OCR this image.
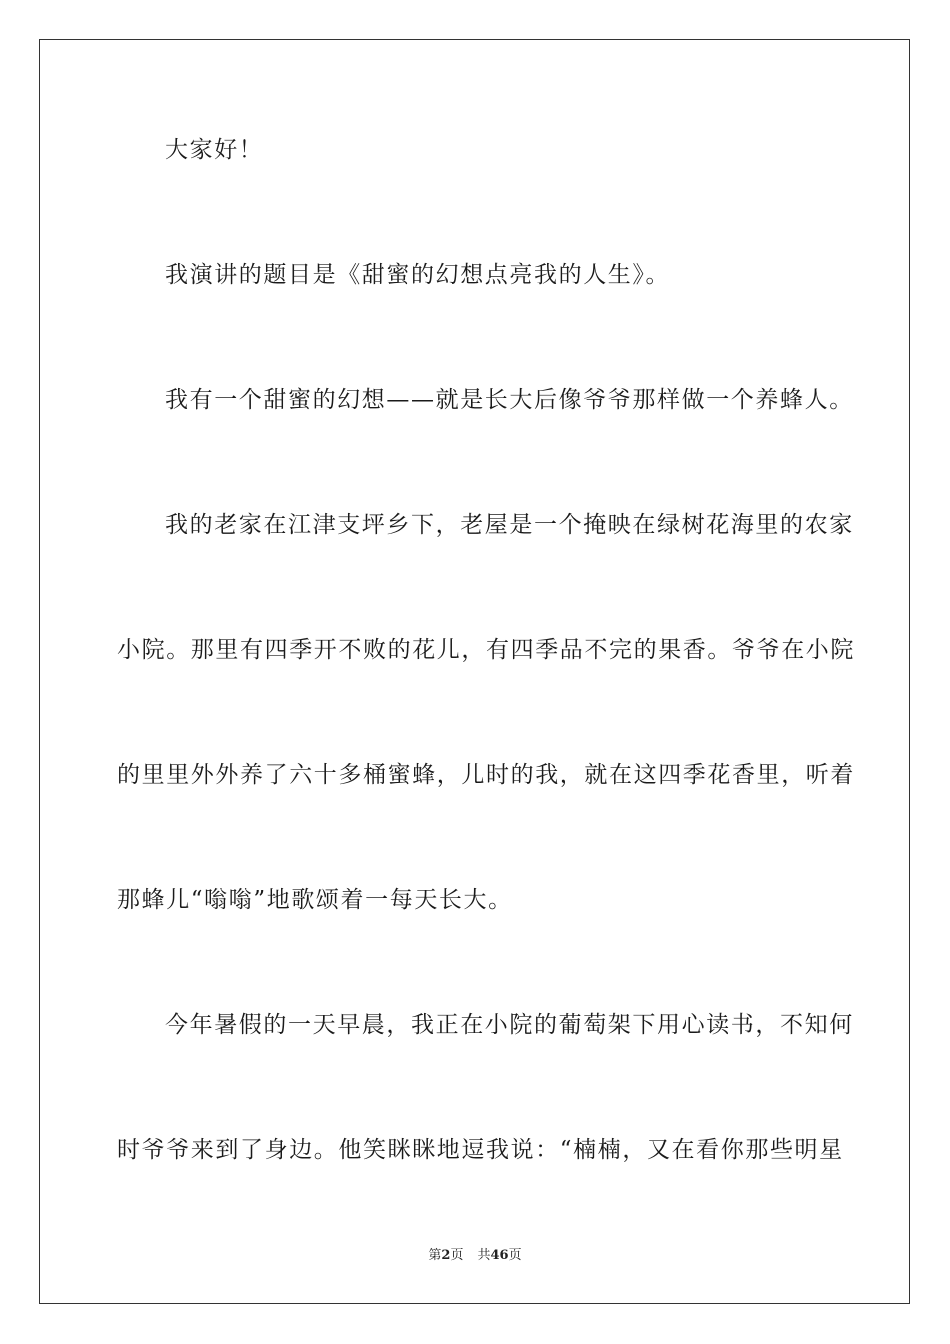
大家好！
我演讲的题目是《甜蜜的幻想点亮我的人生》。
我有一个甜蜜的幻想——就是长大后像爷爷那样做一个养蜂人。
我的老家在江津支坪乡下，老屋是一个掩映在绿树花海里的农家
小院。那里有四季开不败的花儿，有四季品不完的果香。爷爷在小院
的里里外外养了六十多桶蜜蜂，儿时的我，就在这四季花香里，听着
那蜂儿“嗡嗡”地歌颂着一每天长大。
今年暑假的一天早晨，我正在小院的葡萄架下用心读书，不知何
时爷爷来到了身边。他笑眯眯地逗我说：“楠楠，又在看你那些明星
第2页 共46页
